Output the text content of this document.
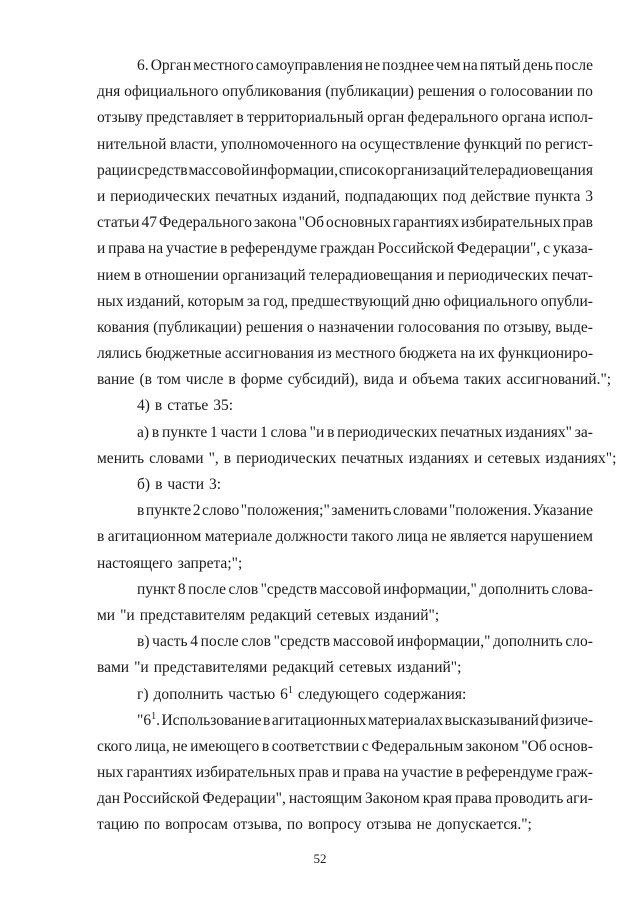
6. Орган местного самоуправления не позднее чем на пятый день после
дня официального опубликования (публикации) решения о голосовании по
отзыву представляет в территориальный орган федерального органа испол-
нительной власти, уполномоченного на осуществление функций по регист-
рации средств массовой информации, список организаций телерадиовещания
и периодических печатных изданий, подпадающих под действие пункта 3
статьи 47 Федерального закона "Об основных гарантиях избирательных прав
и права на участие в референдуме граждан Российской Федерации", с указа-
нием в отношении организаций телерадиовещания и периодических печат-
ных изданий, которым за год, предшествующий дню официального опубли-
кования (публикации) решения о назначении голосования по отзыву, выде-
лялись бюджетные ассигнования из местного бюджета на их функциониро-
вание (в том числе в форме субсидий), вида и объема таких ассигнований.";
4) в статье 35:
а) в пункте 1 части 1 слова "и в периодических печатных изданиях" за-
менить словами ", в периодических печатных изданиях и сетевых изданиях";
б) в части 3:
в пункте 2 слово "положения;" заменить словами "положения. Указание
в агитационном материале должности такого лица не является нарушением
настоящего запрета;";
пункт 8 после слов "средств массовой информации," дополнить слова-
ми "и представителям редакций сетевых изданий";
в) часть 4 после слов "средств массовой информации," дополнить сло-
вами "и представителями редакций сетевых изданий";
г) дополнить частью $6^1$ следующего содержания:
"$6^1$. Использование в агитационных материалах высказываний физиче-
ского лица, не имеющего в соответствии с Федеральным законом "Об основ-
ных гарантиях избирательных прав и права на участие в референдуме граж-
дан Российской Федерации", настоящим Законом края права проводить аги-
тацию по вопросам отзыва, по вопросу отзыва не допускается.";
52
